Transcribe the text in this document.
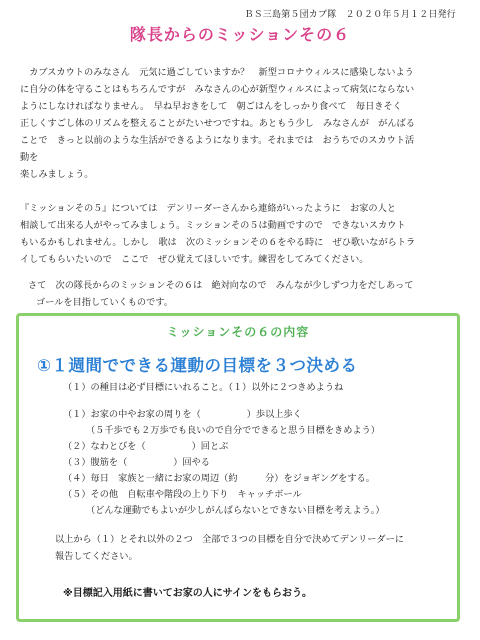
ＢＳ三島第５団カブ隊　２０２０年５月１２日発行
隊長からのミッションその６
　カブスカウトのみなさん　元気に過ごしていますか？　新型コロナウィルスに感染しないよう
に自分の体を守ることはもちろんですが　みなさんの心が新型ウィルスによって病気にならない
ようにしなければなりません。　早ね早おきをして　朝ごはんをしっかり食べて　毎日きそく
正しくすごし体のリズムを整えることがたいせつですね。あともう少し　みなさんが　がんばる
ことで　きっと以前のような生活ができるようになります。それまでは　おうちでのスカウト活
動を
楽しみましょう。
『ミッションその５』については　デンリーダーさんから連絡がいったように　お家の人と
相談して出来る人がやってみましょう。ミッションその５は動画ですので　できないスカウト
もいるかもしれません。しかし　歌は　次のミッションその６をやる時に　ぜひ歌いながらトラ
イしてもらいたいので　ここで　ぜひ覚えてほしいです。練習をしてみてください。
さて　次の隊長からのミッションその６は　絶対向なので　みんなが少しずつ力をだしあって
ゴールを目指していくものです。
ミッションその６の内容
①１週間でできる運動の目標を３つ決める
（１）の種目は必ず目標にいれること。（１）以外に２つきめようね
（１）お家の中やお家の周りを（　　　　　）歩以上歩く
　　　（５千歩でも２万歩でも良いので自分でできると思う目標をきめよう）
（２）なわとびを（　　　　　）回とぶ
（３）腹筋を（　　　　　）回やる
（４）毎日　家族と一緒にお家の周辺（約　　　分）をジョギングをする。
（５）その他　自転車や階段の上り下り　キャッチボール
　　　（どんな運動でもよいが少しがんばらないとできない目標を考えよう。）
以上から（１）とそれ以外の２つ　全部で３つの目標を自分で決めてデンリーダーに
報告してください。
※目標記入用紙に書いてお家の人にサインをもらおう。
